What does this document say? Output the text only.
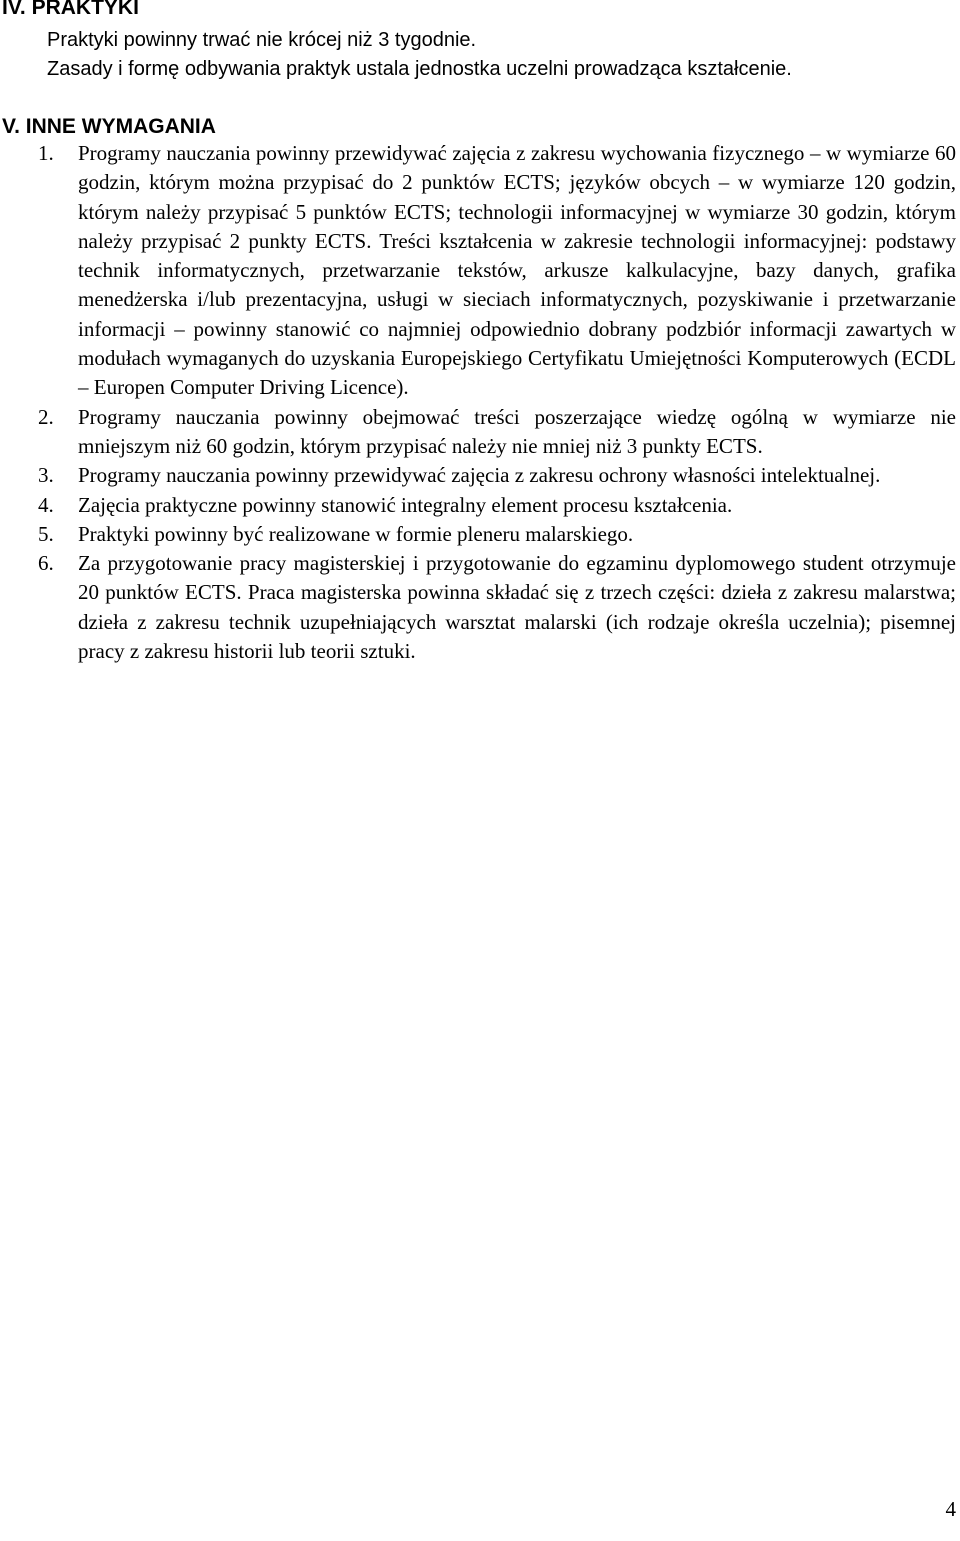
IV. PRAKTYKI

Praktyki powinny trwać nie krócej niż 3 tygodnie.

Zasady i formę odbywania praktyk ustala jednostka uczelni prowadząca kształcenie.

V. INNE WYMAGANIA
1. Programy nauczania powinny przewidywać zajęcia z zakresu wychowania fizycznego – w wymiarze 60 godzin, którym można przypisać do 2 punktów ECTS; języków obcych – w wymiarze 120 godzin, którym należy przypisać 5 punktów ECTS; technologii informacyjnej w wymiarze 30 godzin, którym należy przypisać 2 punkty ECTS. Treści kształcenia w zakresie technologii informacyjnej: podstawy technik informatycznych, przetwarzanie tekstów, arkusze kalkulacyjne, bazy danych, grafika menedżerska i/lub prezentacyjna, usługi w sieciach informatycznych, pozyskiwanie i przetwarzanie informacji – powinny stanowić co najmniej odpowiednio dobrany podzbiór informacji zawartych w modułach wymaganych do uzyskania Europejskiego Certyfikatu Umiejętności Komputerowych (ECDL – Europen Computer Driving Licence).
2. Programy nauczania powinny obejmować treści poszerzające wiedzę ogólną w wymiarze nie mniejszym niż 60 godzin, którym przypisać należy nie mniej niż 3 punkty ECTS.
3. Programy nauczania powinny przewidywać zajęcia z zakresu ochrony własności intelektualnej.
4. Zajęcia praktyczne powinny stanowić integralny element procesu kształcenia.
5. Praktyki powinny być realizowane w formie pleneru malarskiego.
6. Za przygotowanie pracy magisterskiej i przygotowanie do egzaminu dyplomowego student otrzymuje 20 punktów ECTS. Praca magisterska powinna składać się z trzech części: dzieła z zakresu malarstwa; dzieła z zakresu technik uzupełniających warsztat malarski (ich rodzaje określa uczelnia); pisemnej pracy z zakresu historii lub teorii sztuki.
4
